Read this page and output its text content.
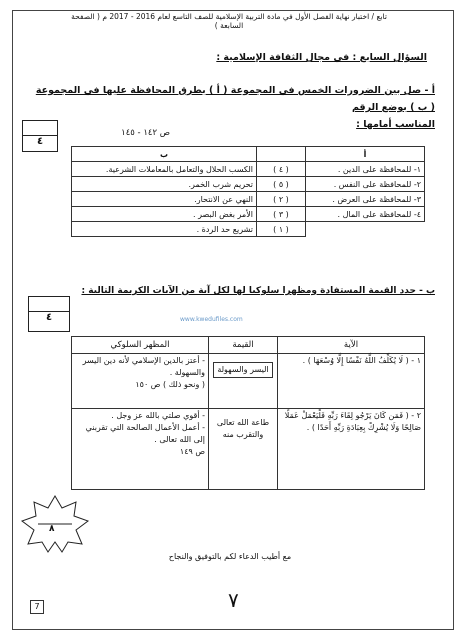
تابع / اختبار نهاية الفصل الأول في مادة التربية الإسلامية للصف التاسع لعام 2016 - 2017 م ( الصفحة السابعة )
السؤال السابع : في مجال الثقافة الإسلامية :
أ - صل بين الضرورات الخمس في المجموعة ( أ ) بطرق المحافظة عليها في المجموعة ( ب ) بوضع الرقم
المناسب أمامها :
٤
ص ١٤٢ - ١٤٥
أ		ب
١- للمحافظة على الدين .	( ٤ )	الكسب الحلال والتعامل بالمعاملات الشرعية.
٢- للمحافظة على النفس .	( ٥ )	تحريم شرب الخمر.
٣- للمحافظة على العرض .	( ٢ )	النهي عن الانتحار.
٤- للمحافظة على المال .	( ٣ )	الأمر بغض البصر .
	( ١ )	تشريع حد الردة .
ب - حدد القيمة المستفادة ومظهرا سلوكيا لها لكل آية من الآيات الكريمة التالية :
٤	www.kwedufiles.com
الآية	القيمة	المظهر السلوكي
١ - ( لَا يُكَلِّفُ اللَّهُ نَفْسًا إِلَّا وُسْعَهَا ) .	اليسر والسهولة	- أعتز بالدين الإسلامي لأنه دين اليسر والسهولة .
( ونحو ذلك ) ص ١٥٠

٢ - ( فَمَن كَانَ يَرْجُو لِقَاءَ رَبِّهِ فَلْيَعْمَلْ عَمَلًا صَالِحًا وَلَا يُشْرِكْ بِعِبَادَةِ رَبِّهِ أَحَدًا ) .	طاعة الله تعالى والتقرب منه	- أقوي صلتي بالله عز وجل .
- أعمل الأعمال الصالحة التي تقربني إلى الله تعالى .
ص ١٤٩
٨
مع أطيب الدعاء لكم بالتوفيق والنجاح
٧
7
